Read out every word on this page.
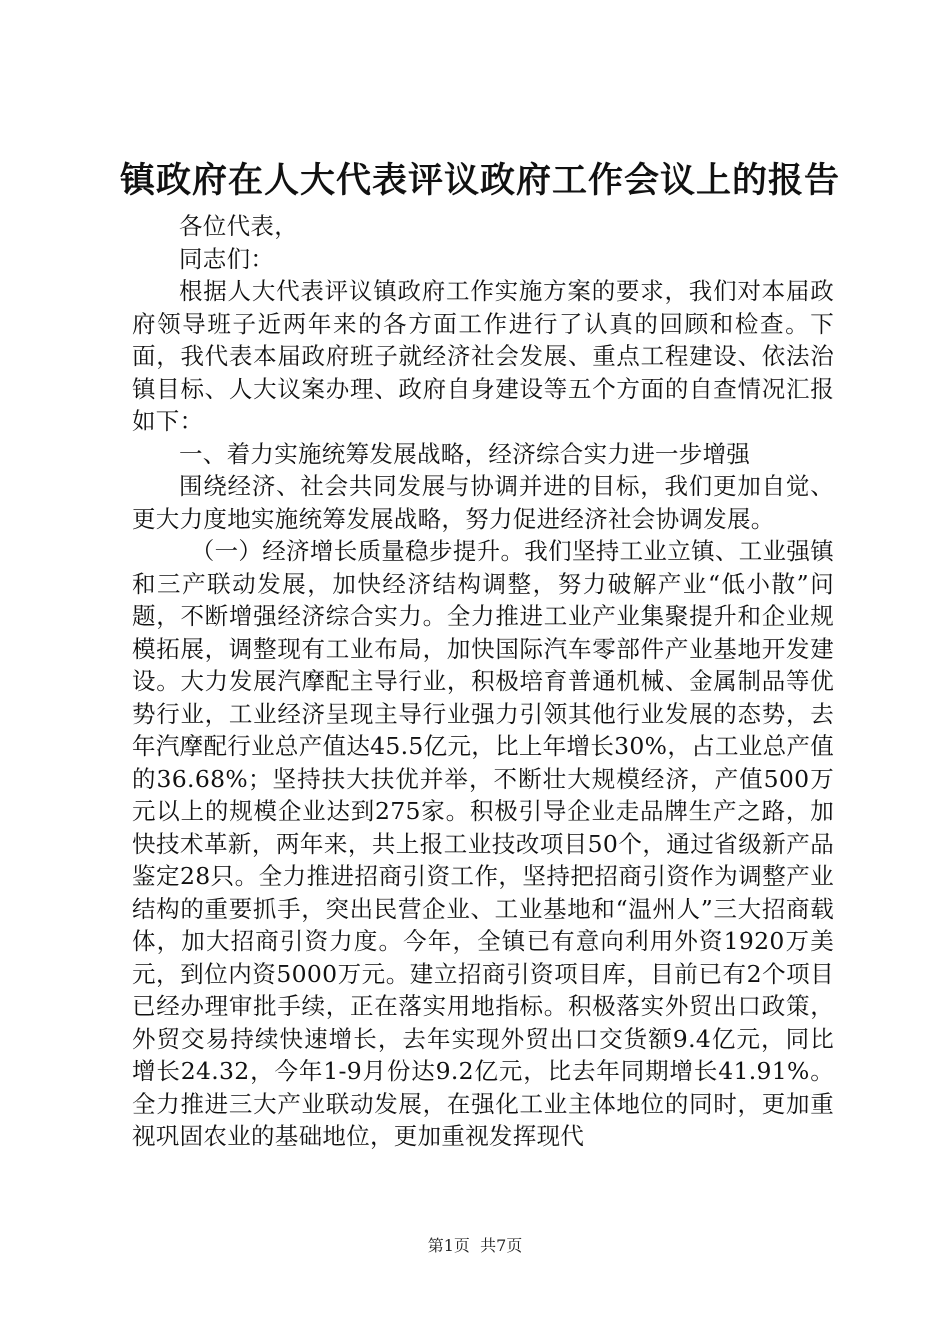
镇政府在人大代表评议政府工作会议上的报告

各位代表，

同志们：

根据人大代表评议镇政府工作实施方案的要求，我们对本届政府领导班子近两年来的各方面工作进行了认真的回顾和检查。下面，我代表本届政府班子就经济社会发展、重点工程建设、依法治镇目标、人大议案办理、政府自身建设等五个方面的自查情况汇报如下：

一、着力实施统筹发展战略，经济综合实力进一步增强

围绕经济、社会共同发展与协调并进的目标，我们更加自觉、更大力度地实施统筹发展战略，努力促进经济社会协调发展。

（一）经济增长质量稳步提升。我们坚持工业立镇、工业强镇和三产联动发展，加快经济结构调整，努力破解产业“低小散”问题，不断增强经济综合实力。全力推进工业产业集聚提升和企业规模拓展，调整现有工业布局，加快国际汽车零部件产业基地开发建设。大力发展汽摩配主导行业，积极培育普通机械、金属制品等优势行业，工业经济呈现主导行业强力引领其他行业发展的态势，去年汽摩配行业总产值达45.5亿元，比上年增长30%，占工业总产值的36.68%；坚持扶大扶优并举，不断壮大规模经济，产值500万元以上的规模企业达到275家。积极引导企业走品牌生产之路，加快技术革新，两年来，共上报工业技改项目50个，通过省级新产品鉴定28只。全力推进招商引资工作，坚持把招商引资作为调整产业结构的重要抓手，突出民营企业、工业基地和“温州人”三大招商载体，加大招商引资力度。今年，全镇已有意向利用外资1920万美元，到位内资5000万元。建立招商引资项目库，目前已有2个项目已经办理审批手续，正在落实用地指标。积极落实外贸出口政策，外贸交易持续快速增长，去年实现外贸出口交货额9.4亿元，同比增长24.32，今年1-9月份达9.2亿元，比去年同期增长41.91%。全力推进三大产业联动发展，在强化工业主体地位的同时，更加重视巩固农业的基础地位，更加重视发挥现代

第1页 共7页
